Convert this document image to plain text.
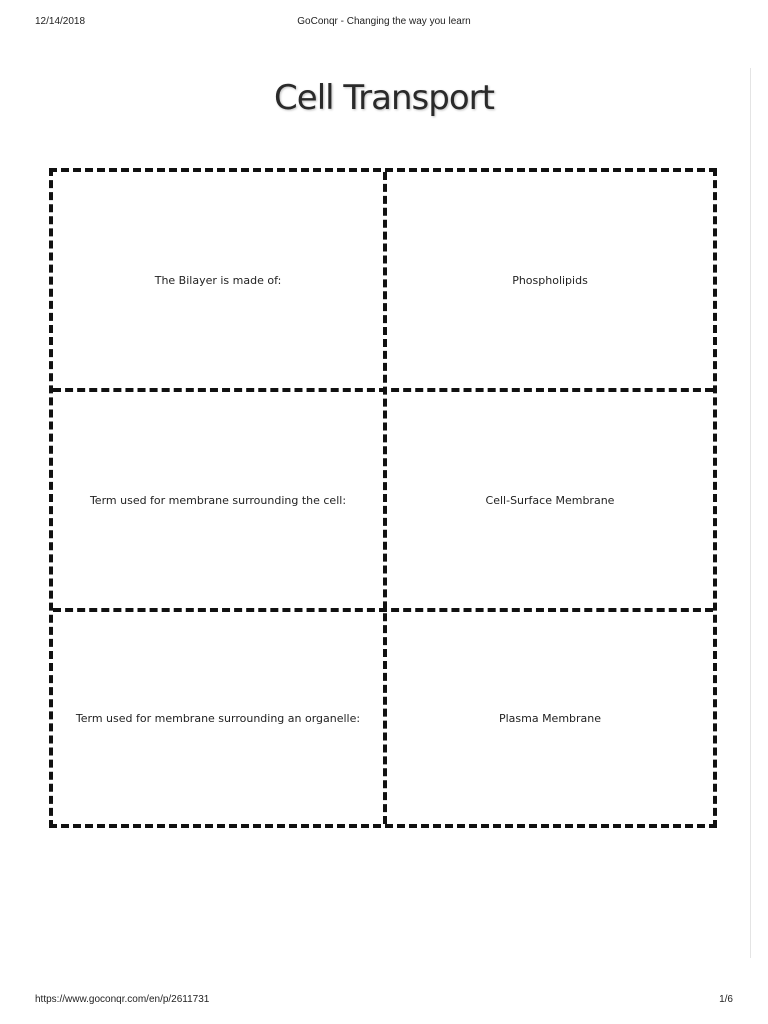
12/14/2018	GoConqr - Changing the way you learn
Cell Transport
The Bilayer is made of:	Phospholipids
Term used for membrane surrounding the cell:	Cell-Surface Membrane
Term used for membrane surrounding an organelle:	Plasma Membrane
https://www.goconqr.com/en/p/2611731	1/6
